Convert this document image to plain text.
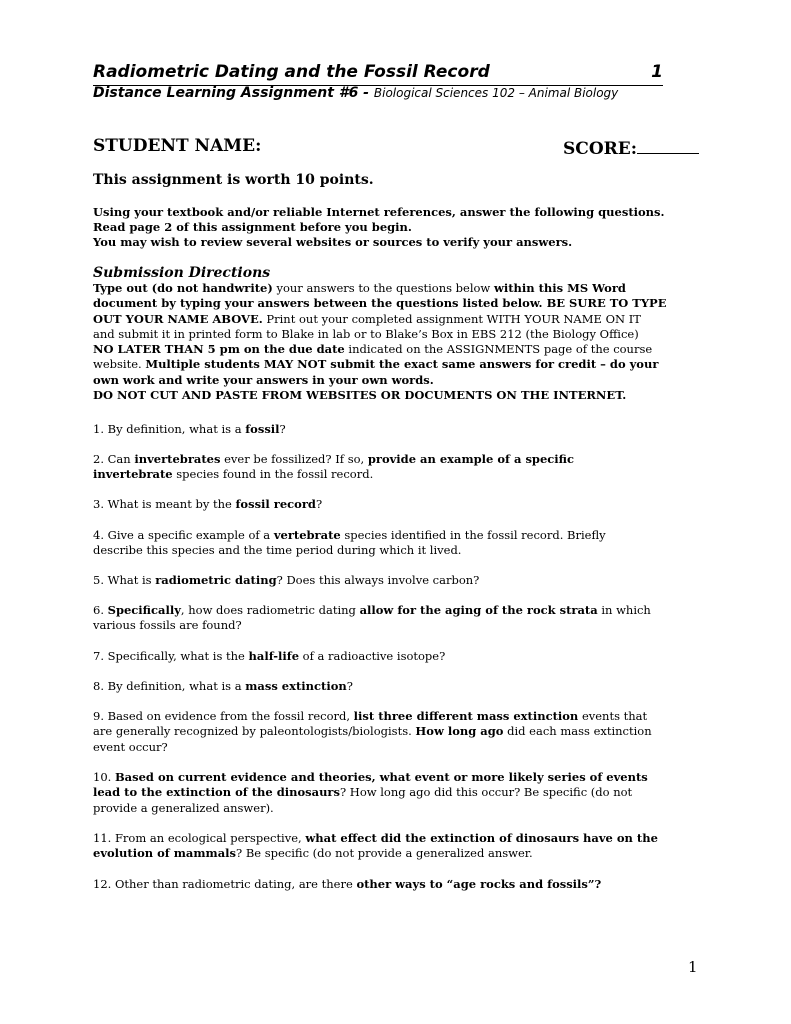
Radiometric Dating and the Fossil Record	1
Distance Learning Assignment #6 - Biological Sciences 102 – Animal Biology
STUDENT NAME:	SCORE:
This assignment is worth 10 points.
Using your textbook and/or reliable Internet references, answer the following questions.
Read page 2 of this assignment before you begin.
You may wish to review several websites or sources to verify your answers.
Submission Directions
Type out (do not handwrite) your answers to the questions below within this MS Word
document by typing your answers between the questions listed below. BE SURE TO TYPE
OUT YOUR NAME ABOVE. Print out your completed assignment WITH YOUR NAME ON IT
and submit it in printed form to Blake in lab or to Blake’s Box in EBS 212 (the Biology Office)
NO LATER THAN 5 pm on the due date indicated on the ASSIGNMENTS page of the course
website. Multiple students MAY NOT submit the exact same answers for credit – do your
own work and write your answers in your own words.
DO NOT CUT AND PASTE FROM WEBSITES OR DOCUMENTS ON THE INTERNET.
1. By definition, what is a fossil?
2. Can invertebrates ever be fossilized? If so, provide an example of a specific
invertebrate species found in the fossil record.
3. What is meant by the fossil record?
4. Give a specific example of a vertebrate species identified in the fossil record. Briefly
describe this species and the time period during which it lived.
5. What is radiometric dating? Does this always involve carbon?
6. Specifically, how does radiometric dating allow for the aging of the rock strata in which
various fossils are found?
7. Specifically, what is the half-life of a radioactive isotope?
8. By definition, what is a mass extinction?
9. Based on evidence from the fossil record, list three different mass extinction events that
are generally recognized by paleontologists/biologists. How long ago did each mass extinction
event occur?
10. Based on current evidence and theories, what event or more likely series of events
lead to the extinction of the dinosaurs? How long ago did this occur? Be specific (do not
provide a generalized answer).
11. From an ecological perspective, what effect did the extinction of dinosaurs have on the
evolution of mammals? Be specific (do not provide a generalized answer.
12. Other than radiometric dating, are there other ways to “age rocks and fossils”?
1
